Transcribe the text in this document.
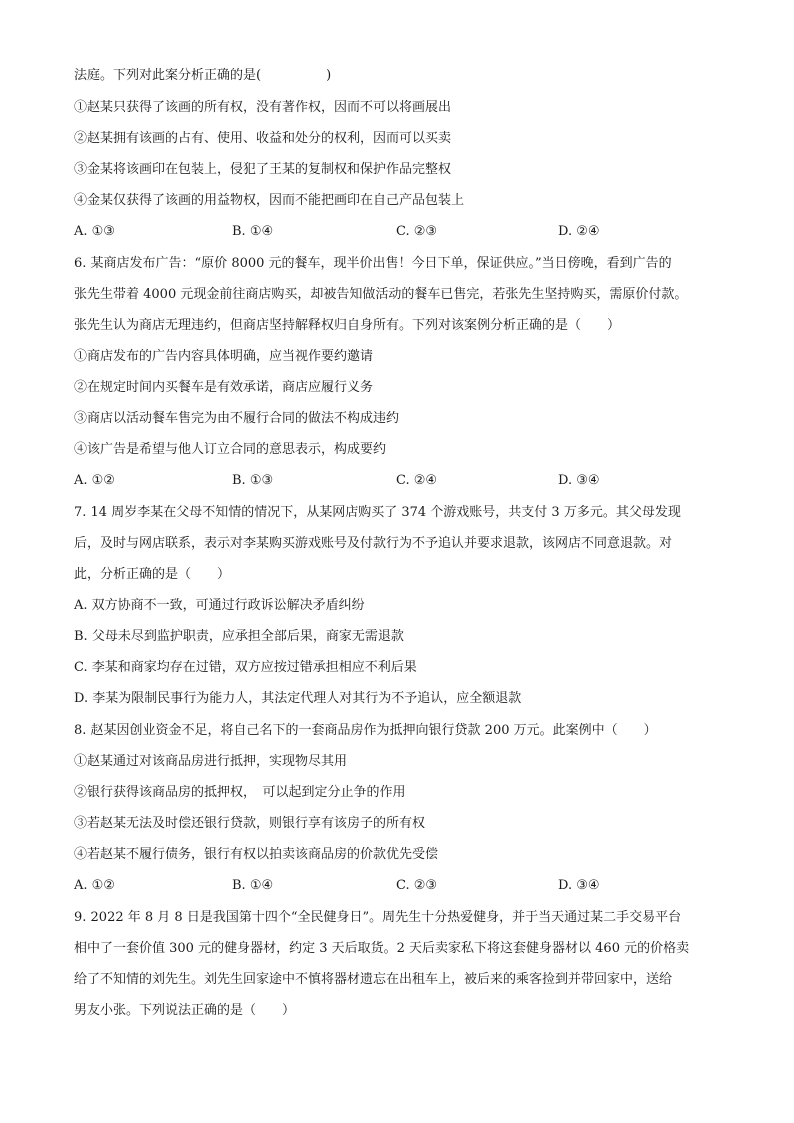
法庭。下列对此案分析正确的是(　　　　　)
①赵某只获得了该画的所有权，没有著作权，因而不可以将画展出
②赵某拥有该画的占有、使用、收益和处分的权利，因而可以买卖
③金某将该画印在包装上，侵犯了王某的复制权和保护作品完整权
④金某仅获得了该画的用益物权，因而不能把画印在自己产品包装上
A. ①③	B. ①④	C. ②③	D. ②④
6. 某商店发布广告：“原价 8000 元的餐车，现半价出售！今日下单，保证供应。”当日傍晚，看到广告的
张先生带着 4000 元现金前往商店购买，却被告知做活动的餐车已售完，若张先生坚持购买，需原价付款。
张先生认为商店无理违约，但商店坚持解释权归自身所有。下列对该案例分析正确的是（　　）
①商店发布的广告内容具体明确，应当视作要约邀请
②在规定时间内买餐车是有效承诺，商店应履行义务
③商店以活动餐车售完为由不履行合同的做法不构成违约
④该广告是希望与他人订立合同的意思表示，构成要约
A. ①②	B. ①③	C. ②④	D. ③④
7. 14 周岁李某在父母不知情的情况下，从某网店购买了 374 个游戏账号，共支付 3 万多元。其父母发现
后，及时与网店联系，表示对李某购买游戏账号及付款行为不予追认并要求退款，该网店不同意退款。对
此，分析正确的是（　　）
A. 双方协商不一致，可通过行政诉讼解决矛盾纠纷
B. 父母未尽到监护职责，应承担全部后果，商家无需退款
C. 李某和商家均存在过错，双方应按过错承担相应不利后果
D. 李某为限制民事行为能力人，其法定代理人对其行为不予追认，应全额退款
8. 赵某因创业资金不足，将自己名下的一套商品房作为抵押向银行贷款 200 万元。此案例中（　　）
①赵某通过对该商品房进行抵押，实现物尽其用
②银行获得该商品房的抵押权，　可以起到定分止争的作用
③若赵某无法及时偿还银行贷款，则银行享有该房子的所有权
④若赵某不履行债务，银行有权以拍卖该商品房的价款优先受偿
A. ①②	B. ①④	C. ②③	D. ③④
9. 2022 年 8 月 8 日是我国第十四个“全民健身日”。周先生十分热爱健身，并于当天通过某二手交易平台
相中了一套价值 300 元的健身器材，约定 3 天后取货。2 天后卖家私下将这套健身器材以 460 元的价格卖
给了不知情的刘先生。刘先生回家途中不慎将器材遗忘在出租车上，被后来的乘客捡到并带回家中，送给
男友小张。下列说法正确的是（　　）
